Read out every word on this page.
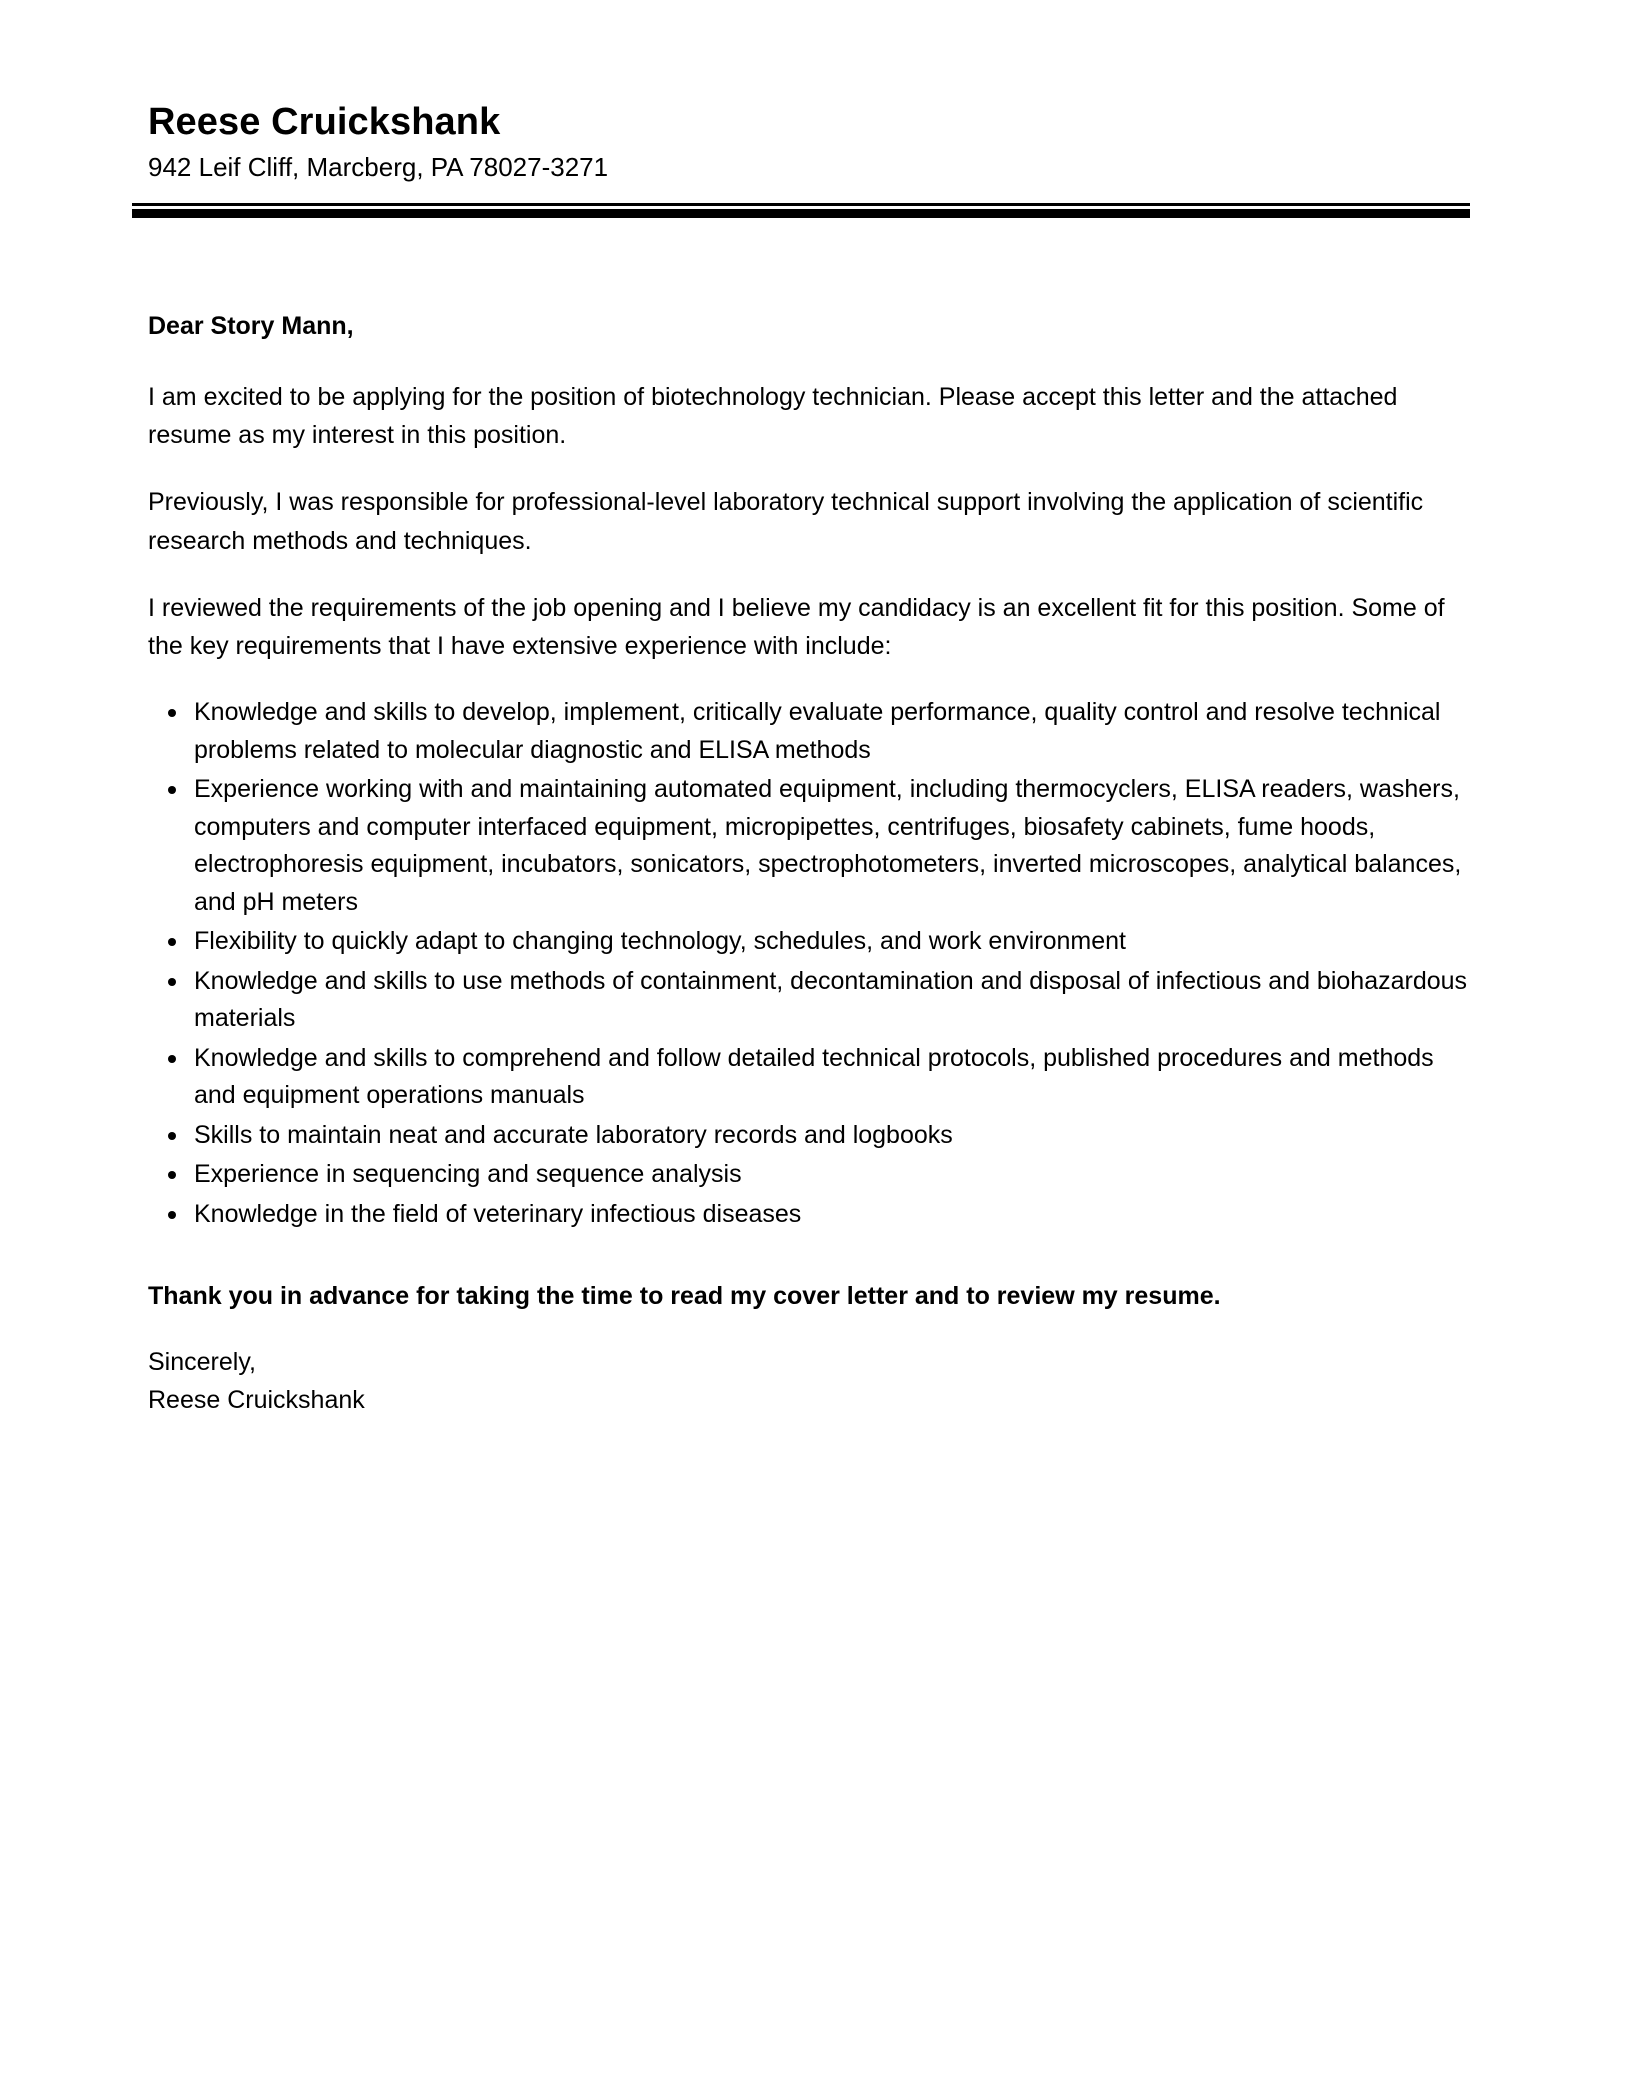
Reese Cruickshank
942 Leif Cliff, Marcberg, PA 78027-3271

Dear Story Mann,

I am excited to be applying for the position of biotechnology technician. Please accept this letter and the attached resume as my interest in this position.

Previously, I was responsible for professional-level laboratory technical support involving the application of scientific research methods and techniques.

I reviewed the requirements of the job opening and I believe my candidacy is an excellent fit for this position. Some of the key requirements that I have extensive experience with include:

Knowledge and skills to develop, implement, critically evaluate performance, quality control and resolve technical problems related to molecular diagnostic and ELISA methods
Experience working with and maintaining automated equipment, including thermocyclers, ELISA readers, washers, computers and computer interfaced equipment, micropipettes, centrifuges, biosafety cabinets, fume hoods, electrophoresis equipment, incubators, sonicators, spectrophotometers, inverted microscopes, analytical balances, and pH meters
Flexibility to quickly adapt to changing technology, schedules, and work environment
Knowledge and skills to use methods of containment, decontamination and disposal of infectious and biohazardous materials
Knowledge and skills to comprehend and follow detailed technical protocols, published procedures and methods and equipment operations manuals
Skills to maintain neat and accurate laboratory records and logbooks
Experience in sequencing and sequence analysis
Knowledge in the field of veterinary infectious diseases

Thank you in advance for taking the time to read my cover letter and to review my resume.

Sincerely,
Reese Cruickshank
